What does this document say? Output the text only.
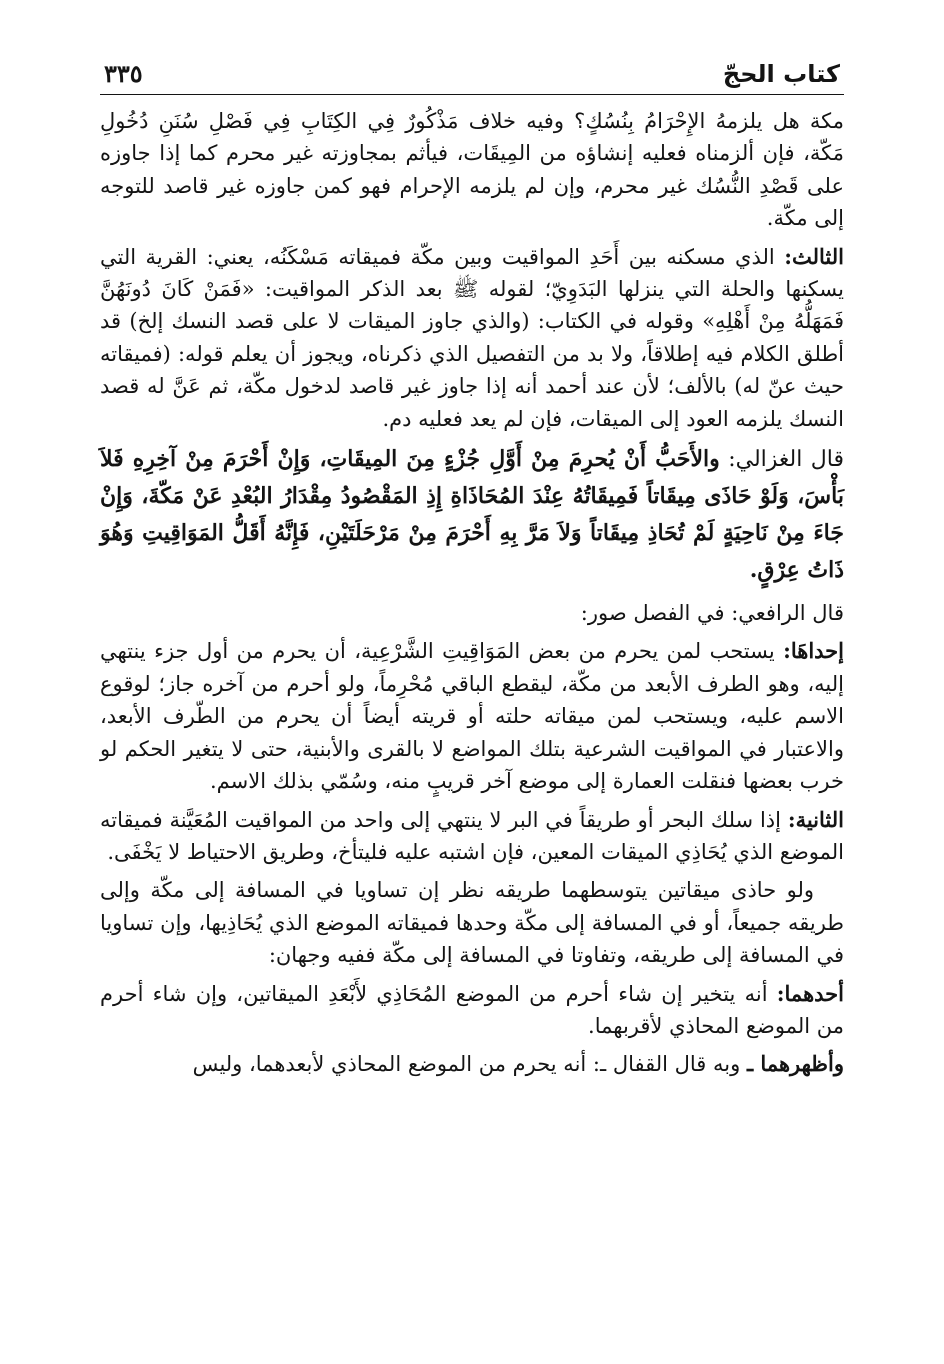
كتاب الحجّ
٣٣٥

مكة هل يلزمهُ الإِحْرَامُ بِنُسُكٍ؟ وفيه خلاف مَذْكُورٌ فِي الكِتَابِ فِي فَصْلِ سُنَنِ دُخُولِ مَكّة، فإن ألزمناه فعليه إنشاؤه من المِيقَات، فيأثم بمجاوزته غير محرم كما إذا جاوزه على قَصْدِ النُّسُك غير محرم، وإن لم يلزمه الإحرام فهو كمن جاوزه غير قاصد للتوجه إلى مكّة.

الثالث: الذي مسكنه بين أَحَدِ المواقيت وبين مكّة فميقاته مَسْكَنُه، يعني: القرية التي يسكنها والحلة التي ينزلها البَدَوِيّ؛ لقوله ﷺ بعد الذكر المواقيت: «فَمَنْ كَانَ دُونَهُنَّ فَمَهَلُّهُ مِنْ أَهْلِهِ» وقوله في الكتاب: (والذي جاوز الميقات لا على قصد النسك إلخ) قد أطلق الكلام فيه إطلاقاً، ولا بد من التفصيل الذي ذكرناه، ويجوز أن يعلم قوله: (فميقاته حيث عنّ له) بالألف؛ لأن عند أحمد أنه إذا جاوز غير قاصد لدخول مكّة، ثم عَنَّ له قصد النسك يلزمه العود إلى الميقات، فإن لم يعد فعليه دم.

قال الغزالي: والأَحَبُّ أَنْ يُحرِمَ مِنْ أَوَّلِ جُزْءٍ مِنَ المِيقَاتِ، وَإِنْ أَحْرَمَ مِنْ آخِرِهِ فَلاَ بَأْسَ، وَلَوْ حَاذَى مِيقَاتاً فَمِيقَاتُهُ عِنْدَ المُحَاذَاةِ إِذِ المَقْصُودُ مِقْدَارُ البُعْدِ عَنْ مَكّةَ، وَإِنْ جَاءَ مِنْ نَاحِيَةٍ لَمْ تُحَاذِ مِيقَاتاً وَلاَ مَرَّ بِهِ أَحْرَمَ مِنْ مَرْحَلَتَيْنِ، فَإِنَّهُ أَقَلُّ المَوَاقِيتِ وَهُوَ ذَاتُ عِرْقٍ.

قال الرافعي: في الفصل صور:

إحداهَا: يستحب لمن يحرم من بعض المَوَاقِيتِ الشَّرْعِية، أن يحرم من أول جزء ينتهي إليه، وهو الطرف الأبعد من مكّة، ليقطع الباقي مُحْرِماً، ولو أحرم من آخره جاز؛ لوقوع الاسم عليه، ويستحب لمن ميقاته حلته أو قريته أيضاً أن يحرم من الطّرف الأبعد، والاعتبار في المواقيت الشرعية بتلك المواضع لا بالقرى والأبنية، حتى لا يتغير الحكم لو خرب بعضها فنقلت العمارة إلى موضع آخر قريبٍ منه، وسُمّي بذلك الاسم.

الثانية: إذا سلك البحر أو طريقاً في البر لا ينتهي إلى واحد من المواقيت المُعَيَّنة فميقاته الموضع الذي يُحَاذِي الميقات المعين، فإن اشتبه عليه فليتأخ، وطريق الاحتياط لا يَخْفَى.

ولو حاذى ميقاتين يتوسطهما طريقه نظر إن تساويا في المسافة إلى مكّة وإلى طريقه جميعاً، أو في المسافة إلى مكّة وحدها فميقاته الموضع الذي يُحَاذِيها، وإن تساويا في المسافة إلى طريقه، وتفاوتا في المسافة إلى مكّة ففيه وجهان:

أحدهما: أنه يتخير إن شاء أحرم من الموضع المُحَاذِي لأَبْعَدِ الميقاتين، وإن شاء أحرم من الموضع المحاذي لأقربهما.

وأظهرهما ـ وبه قال القفال ـ: أنه يحرم من الموضع المحاذي لأبعدهما، وليس
